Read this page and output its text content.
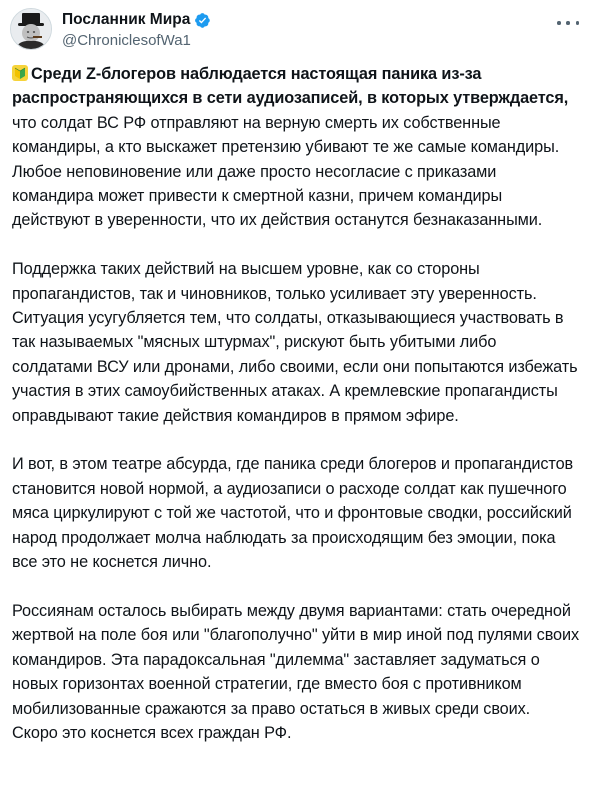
Посланник Мира
@ChroniclesofWa1

Среди Z-блогеров наблюдается настоящая паника из-за распространяющихся в сети аудиозаписей, в которых утверждается, что солдат ВС РФ отправляют на верную смерть их собственные командиры, а кто выскажет претензию убивают те же самые командиры. Любое неповиновение или даже просто несогласие с приказами командира может привести к смертной казни, причем командиры действуют в уверенности, что их действия останутся безнаказанными.

Поддержка таких действий на высшем уровне, как со стороны пропагандистов, так и чиновников, только усиливает эту уверенность. Ситуация усугубляется тем, что солдаты, отказывающиеся участвовать в так называемых "мясных штурмах", рискуют быть убитыми либо солдатами ВСУ или дронами, либо своими, если они попытаются избежать участия в этих самоубийственных атаках. А кремлевские пропагандисты оправдывают такие действия командиров в прямом эфире.

И вот, в этом театре абсурда, где паника среди блогеров и пропагандистов становится новой нормой, а аудиозаписи о расходе солдат как пушечного мяса циркулируют с той же частотой, что и фронтовые сводки, российский народ продолжает молча наблюдать за происходящим без эмоции, пока все это не коснется лично.

Россиянам осталось выбирать между двумя вариантами: стать очередной жертвой на поле боя или "благополучно" уйти в мир иной под пулями своих командиров. Эта парадоксальная "дилемма" заставляет задуматься о новых горизонтах военной стратегии, где вместо боя с противником мобилизованные сражаются за право остаться в живых среди своих. Скоро это коснется всех граждан РФ.
